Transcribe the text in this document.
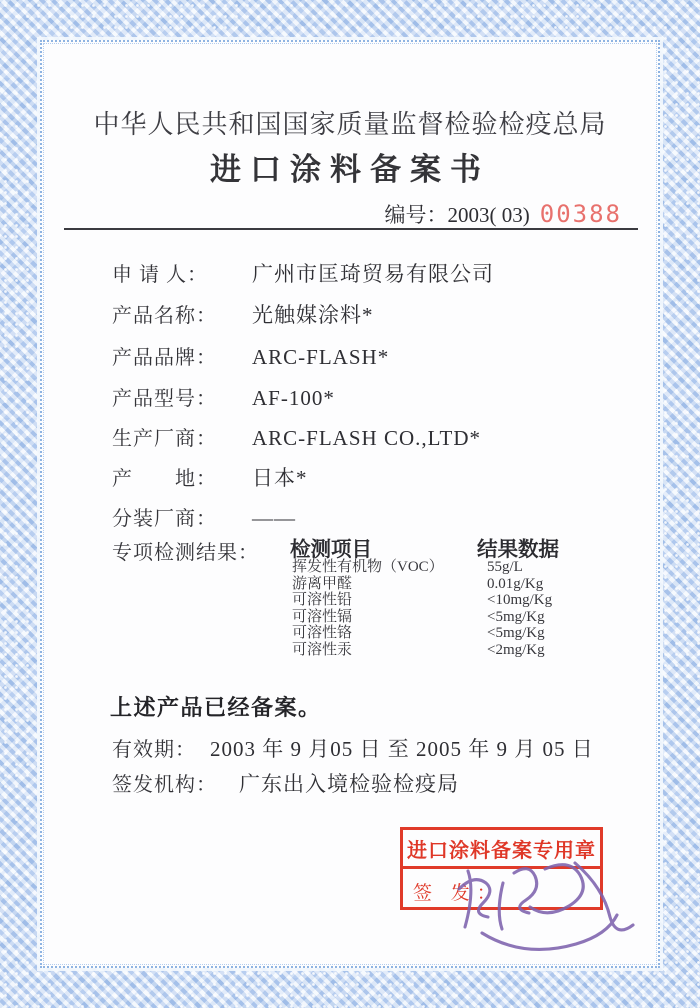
中华人民共和国国家质量监督检验检疫总局
进口涂料备案书
编号：2003( 03) 00388
申 请 人： 广州市匡琦贸易有限公司
产品名称： 光触媒涂料*
产品品牌： ARC-FLASH*
产品型号： AF-100*
生产厂商： ARC-FLASH CO.,LTD*
产　　地： 日本*
分装厂商： ——
专项检测结果： 检测项目	结果数据
挥发性有机物（VOC）	55g/L
游离甲醛	0.01g/Kg
可溶性铅	<10mg/Kg
可溶性镉	<5mg/Kg
可溶性铬	<5mg/Kg
可溶性汞	<2mg/Kg
上述产品已经备案。
有效期： 2003 年 9 月05 日 至 2005 年 9 月 05 日
签发机构： 广东出入境检验检疫局
进口涂料备案专用章
签 发：
